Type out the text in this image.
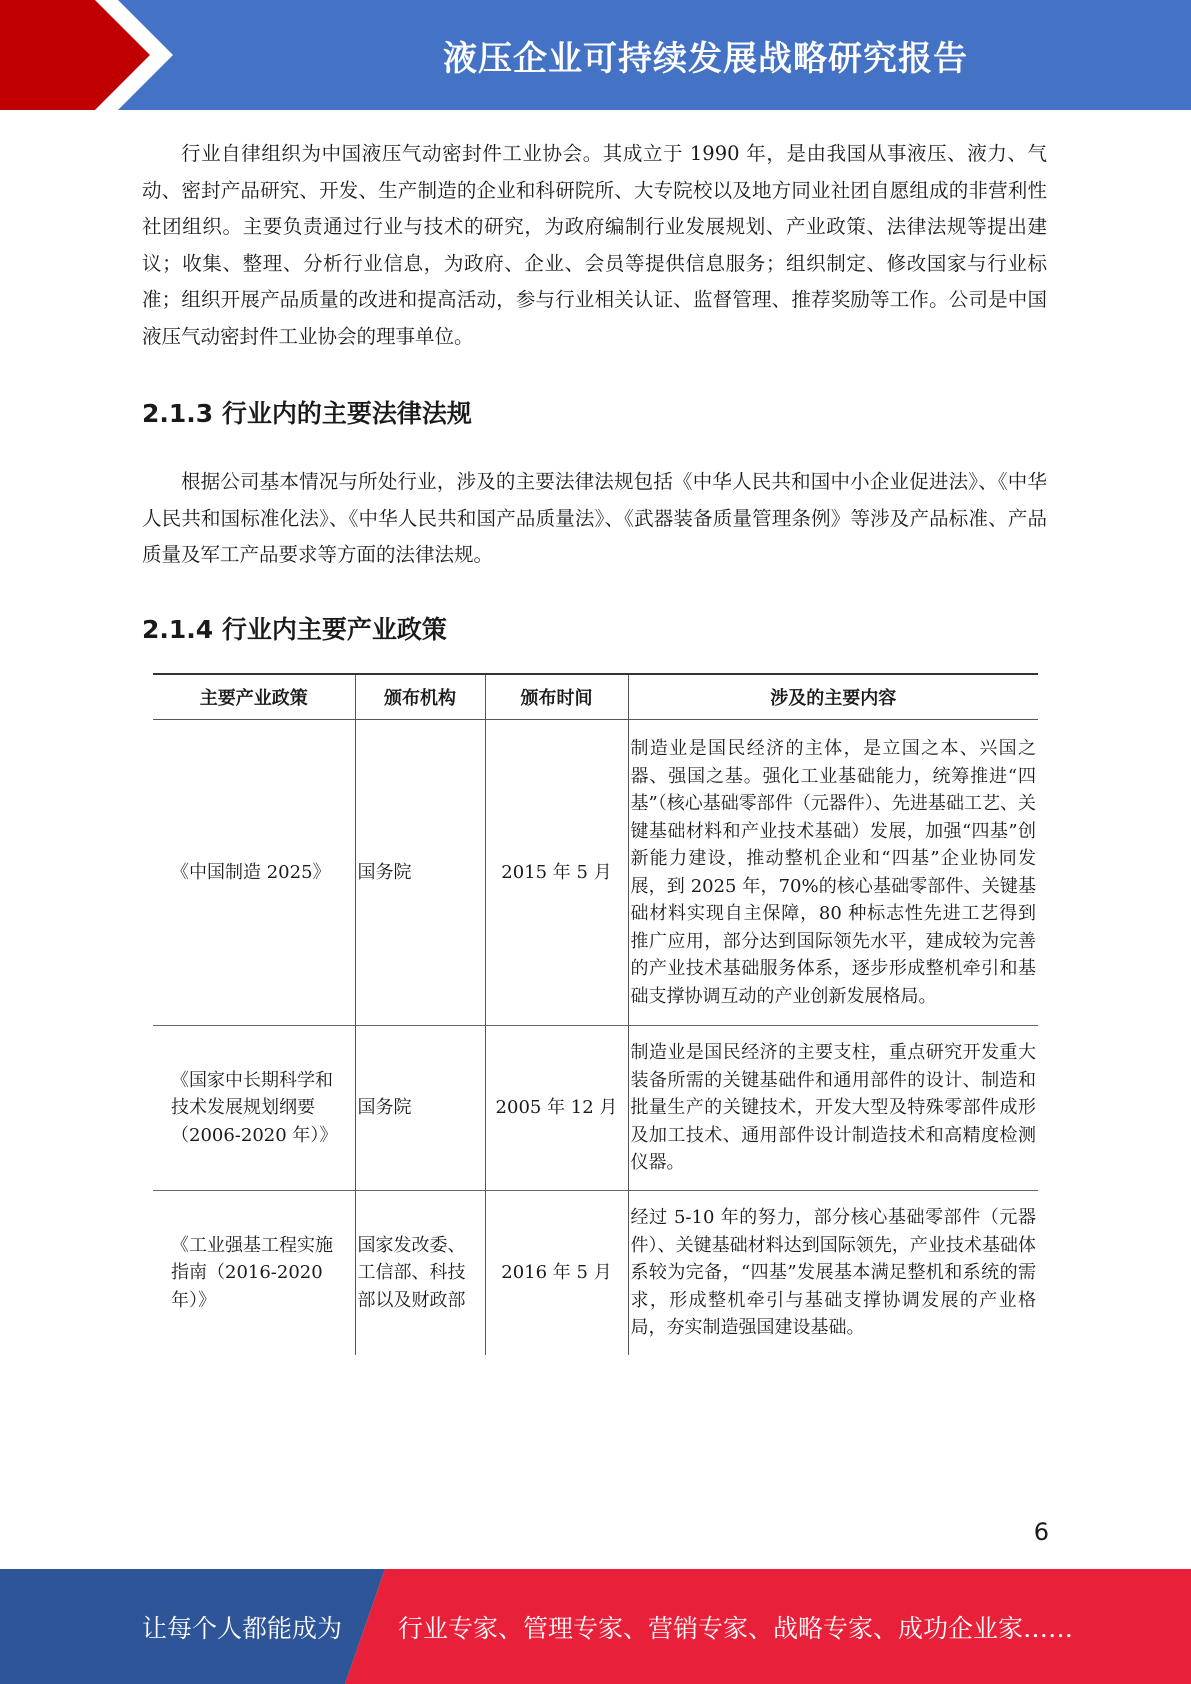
液压企业可持续发展战略研究报告

行业自律组织为中国液压气动密封件工业协会。其成立于 1990 年，是由我国从事液压、液力、气动、密封产品研究、开发、生产制造的企业和科研院所、大专院校以及地方同业社团自愿组成的非营利性社团组织。主要负责通过行业与技术的研究，为政府编制行业发展规划、产业政策、法律法规等提出建议；收集、整理、分析行业信息，为政府、企业、会员等提供信息服务；组织制定、修改国家与行业标准；组织开展产品质量的改进和提高活动，参与行业相关认证、监督管理、推荐奖励等工作。公司是中国液压气动密封件工业协会的理事单位。

2.1.3 行业内的主要法律法规

根据公司基本情况与所处行业，涉及的主要法律法规包括《中华人民共和国中小企业促进法》、《中华人民共和国标准化法》、《中华人民共和国产品质量法》、《武器装备质量管理条例》等涉及产品标准、产品质量及军工产品要求等方面的法律法规。

2.1.4 行业内主要产业政策
主要产业政策	颁布机构	颁布时间	涉及的主要内容
《中国制造 2025》	国务院	2015 年 5 月	制造业是国民经济的主体，是立国之本、兴国之器、强国之基。强化工业基础能力，统筹推进“四基”（核心基础零部件（元器件）、先进基础工艺、关键基础材料和产业技术基础）发展，加强“四基”创新能力建设，推动整机企业和“四基”企业协同发展，到 2025 年，70%的核心基础零部件、关键基础材料实现自主保障，80 种标志性先进工艺得到推广应用，部分达到国际领先水平，建成较为完善的产业技术基础服务体系，逐步形成整机牵引和基础支撑协调互动的产业创新发展格局。
《国家中长期科学和技术发展规划纲要（2006-2020 年）》	国务院	2005 年 12 月	制造业是国民经济的主要支柱，重点研究开发重大装备所需的关键基础件和通用部件的设计、制造和批量生产的关键技术，开发大型及特殊零部件成形及加工技术、通用部件设计制造技术和高精度检测仪器。
《工业强基工程实施指南（2016-2020 年）》	国家发改委、工信部、科技部以及财政部	2016 年 5 月	经过 5-10 年的努力，部分核心基础零部件（元器件）、关键基础材料达到国际领先，产业技术基础体系较为完备，“四基”发展基本满足整机和系统的需求，形成整机牵引与基础支撑协调发展的产业格局，夯实制造强国建设基础。
6
让每个人都能成为 行业专家、管理专家、营销专家、战略专家、成功企业家……
